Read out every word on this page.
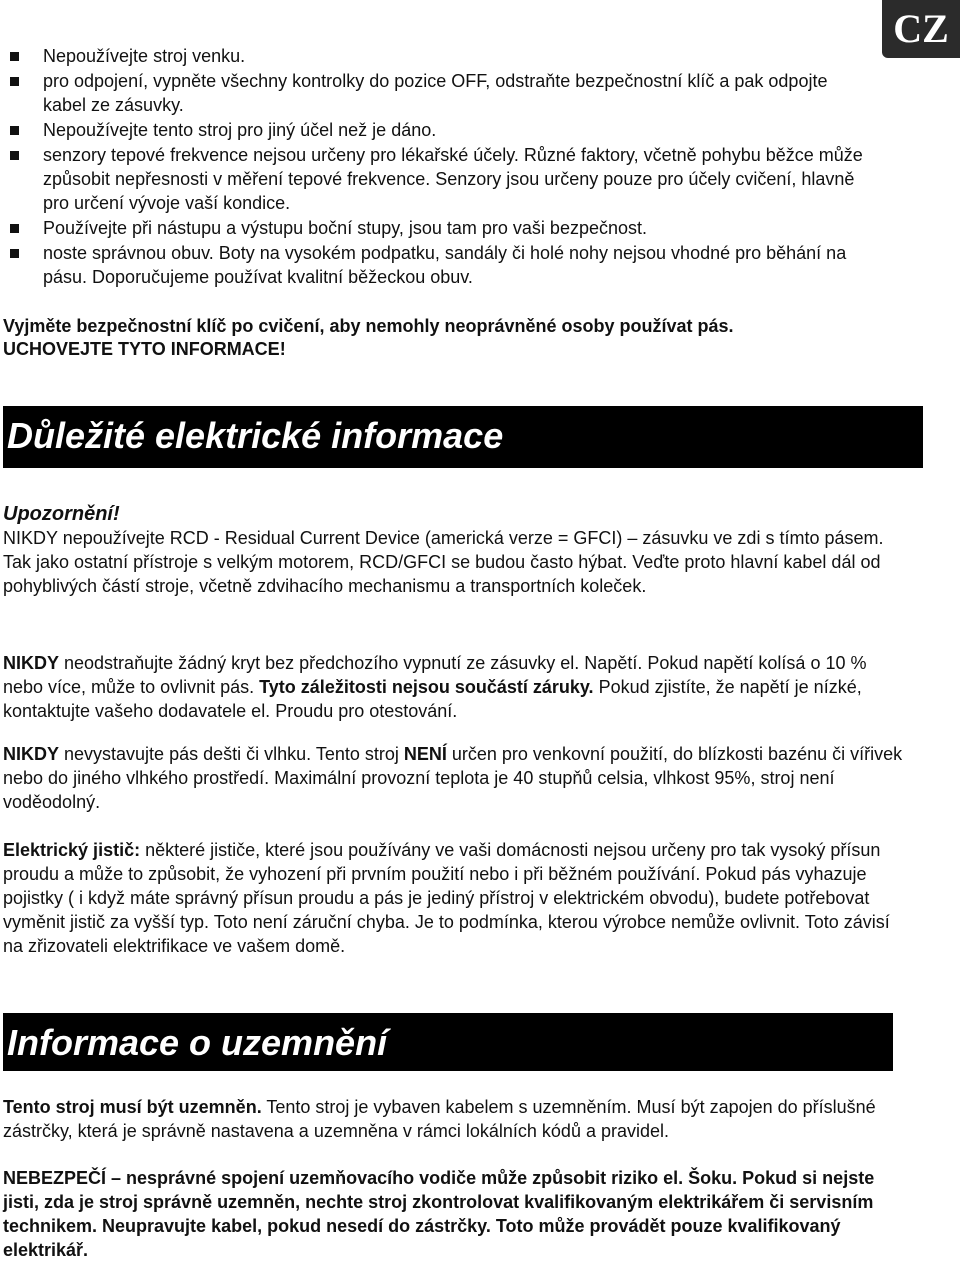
CZ
Nepoužívejte stroj venku.
pro odpojení, vypněte všechny kontrolky do pozice OFF, odstraňte bezpečnostní klíč a pak odpojte kabel ze zásuvky.
Nepoužívejte tento stroj pro jiný účel než je dáno.
senzory tepové frekvence nejsou určeny pro lékařské účely. Různé faktory, včetně pohybu běžce může způsobit nepřesnosti v měření tepové frekvence. Senzory jsou určeny pouze pro účely cvičení, hlavně pro určení vývoje vaší kondice.
Používejte při nástupu a výstupu boční stupy, jsou tam pro vaši bezpečnost.
noste správnou obuv. Boty na vysokém podpatku, sandály či holé nohy nejsou vhodné pro běhání na pásu. Doporučujeme používat kvalitní běžeckou obuv.
Vyjměte bezpečnostní klíč po cvičení, aby nemohly neoprávněné osoby používat pás.
UCHOVEJTE TYTO INFORMACE!
Důležité elektrické informace
Upozornění!
NIKDY nepoužívejte RCD - Residual Current Device (americká verze = GFCI) – zásuvku ve zdi s tímto pásem. Tak jako ostatní přístroje s velkým motorem, RCD/GFCI se budou často hýbat. Veďte proto hlavní kabel dál od pohyblivých částí stroje, včetně zdvihacího mechanismu a transportních koleček.
NIKDY neodstraňujte žádný kryt bez předchozího vypnutí ze zásuvky el. Napětí. Pokud napětí kolísá o 10 % nebo více, může to ovlivnit pás. Tyto záležitosti nejsou součástí záruky. Pokud zjistíte, že napětí je nízké, kontaktujte vašeho dodavatele el. Proudu pro otestování.
NIKDY nevystavujte pás dešti či vlhku. Tento stroj NENÍ určen pro venkovní použití, do blízkosti bazénu či vířivek nebo do jiného vlhkého prostředí. Maximální provozní teplota je 40 stupňů celsia, vlhkost 95%, stroj není voděodolný.
Elektrický jistič: některé jističe, které jsou používány ve vaši domácnosti nejsou určeny pro tak vysoký přísun proudu a může to způsobit, že vyhození při prvním použití nebo i při běžném používání. Pokud pás vyhazuje pojistky ( i když máte správný přísun proudu a pás je jediný přístroj v elektrickém obvodu), budete potřebovat vyměnit jistič za vyšší typ. Toto není záruční chyba. Je to podmínka, kterou výrobce nemůže ovlivnit. Toto závisí na zřizovateli elektrifikace ve vašem domě.
Informace o uzemnění
Tento stroj musí být uzemněn. Tento stroj je vybaven kabelem s uzemněním. Musí být zapojen do příslušné zástrčky, která je správně nastavena a uzemněna v rámci lokálních kódů a pravidel.
NEBEZPEČÍ – nesprávné spojení uzemňovacího vodiče může způsobit riziko el. Šoku. Pokud si nejste jisti, zda je stroj správně uzemněn, nechte stroj zkontrolovat kvalifikovaným elektrikářem či servisním technikem. Neupravujte kabel, pokud nesedí do zástrčky. Toto může provádět pouze kvalifikovaný elektrikář.
